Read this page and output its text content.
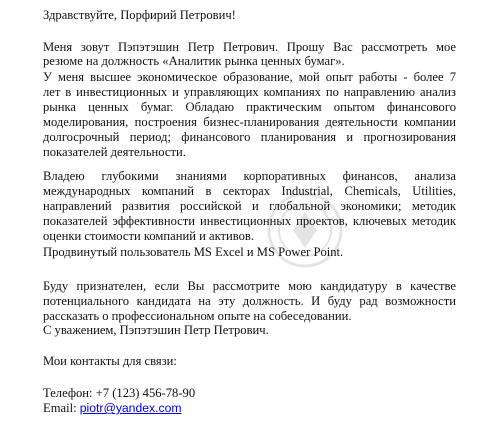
Здравствуйте, Порфирий Петрович!
Меня зовут Пэпэтэшин Петр Петрович. Прошу Вас рассмотреть мое
резюме на должность «Аналитик рынка ценных бумаг».
У меня высшее экономическое образование, мой опыт работы - более 7
лет в инвестиционных и управляющих компаниях по направлению анализ
рынка ценных бумаг. Обладаю практическим опытом финансового
моделирования, построения бизнес-планирования деятельности компании
долгосрочный период; финансового планирования и прогнозирования
показателей деятельности.
Владею глубокими знаниями корпоративных финансов, анализа
международных компаний в секторах Industrial, Chemicals, Utilities,
направлений развития российской и глобальной экономики; методик
показателей эффективности инвестиционных проектов, ключевых методик
оценки стоимости компаний и активов.
Продвинутый пользователь MS Excel и MS Power Point.
Буду признателен, если Вы рассмотрите мою кандидатуру в качестве
потенциального кандидата на эту должность. И буду рад возможности
рассказать о профессиональном опыте на собеседовании.
С уважением, Пэпэтэшин Петр Петрович.
Мои контакты для связи:
Телефон: +7 (123) 456-78-90
Email: piotr@yandex.com
